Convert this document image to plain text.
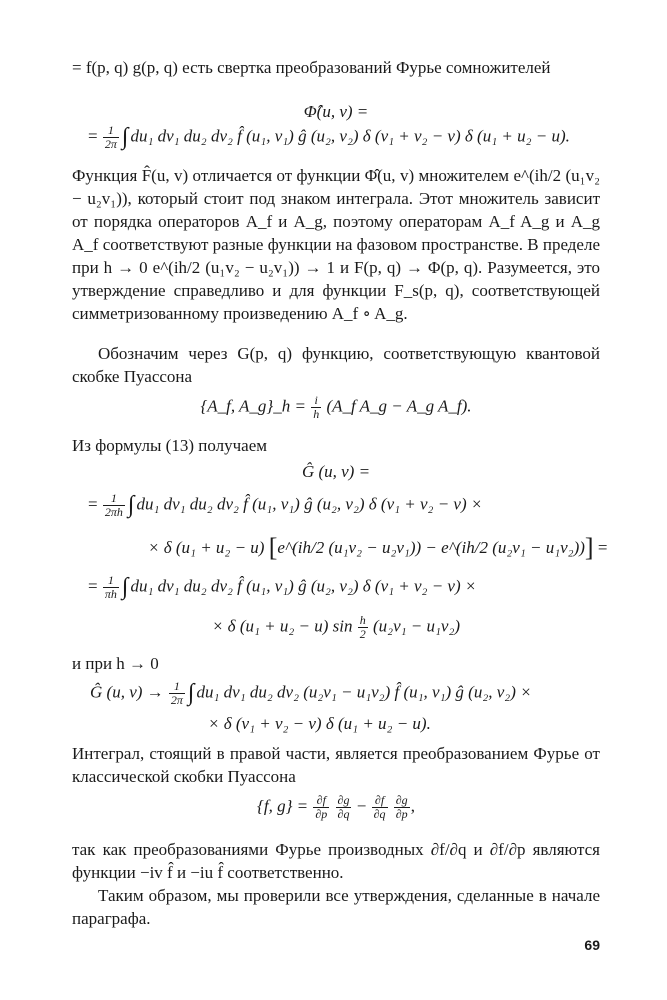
= f(p, q) g(p, q) есть свертка преобразований Фурье сомножителей

Φ̂(u, v) =
= $\frac{1}{2\pi}$ ∫ du₁ dv₁ du₂ dv₂ f̂ (u₁, v₁) ĝ (u₂, v₂) δ (v₁ + v₂ − v) δ (u₁ + u₂ − u).

Функция F̂(u, v) отличается от функции Φ̂(u, v) множителем e^(ih/2 (u₁v₂ − u₂v₁)), который стоит под знаком интеграла. Этот множитель зависит от порядка операторов A_f и A_g, поэтому операторам A_f A_g и A_g A_f соответствуют разные функции на фазовом пространстве. В пределе при h → 0 e^(ih/2 (u₁v₂ − u₂v₁)) → 1 и F(p, q) → Φ(p, q). Разумеется, это утверждение справедливо и для функции F_s(p, q), соответствующей симметризованному произведению A_f ∘ A_g.

Обозначим через G(p, q) функцию, соответствующую квантовой скобке Пуассона

{A_f, A_g}_h = $\frac{i}{h}$ (A_f A_g − A_g A_f).

Из формулы (13) получаем

Ĝ (u, v) =
= $\frac{1}{2\pi h}$ ∫ du₁ dv₁ du₂ dv₂ f̂ (u₁, v₁) ĝ (u₂, v₂) δ (v₁ + v₂ − v) ×
× δ (u₁ + u₂ − u) [e^(ih/2 (u₁v₂ − u₂v₁)) − e^(ih/2 (u₂v₁ − u₁v₂))] =
= $\frac{1}{\pi h}$ ∫ du₁ dv₁ du₂ dv₂ f̂ (u₁, v₁) ĝ (u₂, v₂) δ (v₁ + v₂ − v) ×
× δ (u₁ + u₂ − u) $\sin \frac{h}{2} (u_2v_1 - u_1v_2)$

и при h → 0

Ĝ (u, $v) \to \frac{1}{2\pi}$ ∫ du₁ dv₁ du₂ dv₂ (u₂v₁ − u₁v₂) f̂ (u₁, v₁) ĝ (u₂, v₂) ×
× δ (v₁ + v₂ − v) δ (u₁ + u₂ − u).

Интеграл, стоящий в правой части, является преобразованием Фурье от классической скобки Пуассона

{f, $g\} = \frac{\partial f}{\partial p}$
$\frac{\partial g}{\partial q} - \frac{\partial f}{\partial q}$
$\frac{\partial g}{\partial p}$ ,

так как преобразованиями Фурье производных ∂f/∂q и ∂f/∂p являются функции −iv f̂ и −iu f̂ соответственно.

Таким образом, мы проверили все утверждения, сделанные в начале параграфа.

69
